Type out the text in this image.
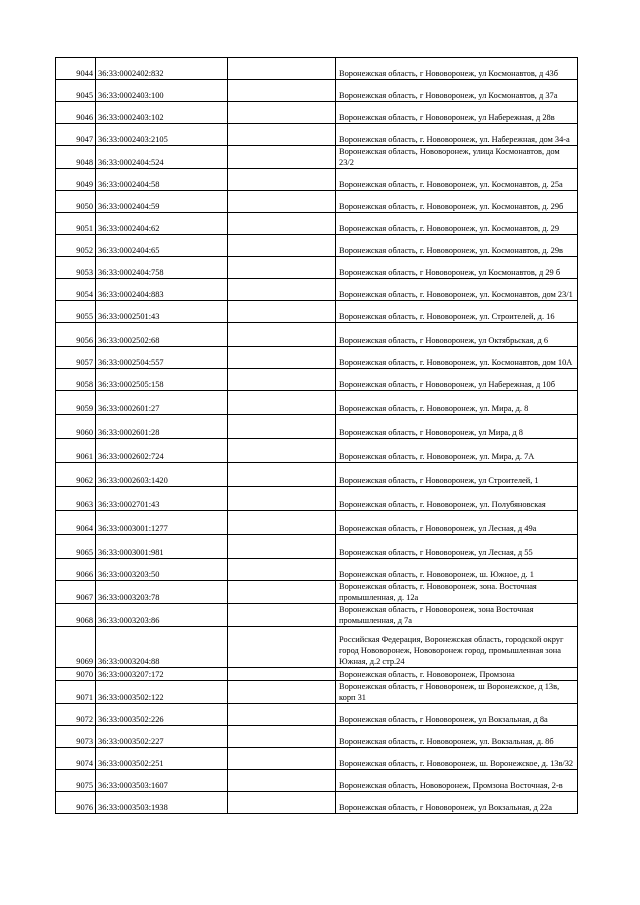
9044	36:33:0002402:832		Воронежская область, г Нововоронеж, ул Космонавтов, д 43б
9045	36:33:0002403:100		Воронежская область, г Нововоронеж, ул Космонавтов, д 37а
9046	36:33:0002403:102		Воронежская область, г Нововоронеж, ул Набережная, д 28в
9047	36:33:0002403:2105		Воронежская область, г. Нововоронеж, ул. Набережная, дом 34-а
9048	36:33:0002404:524		Воронежская область, Нововоронеж, улица Космонавтов, дом 23/2
9049	36:33:0002404:58		Воронежская область, г. Нововоронеж, ул. Космонавтов, д. 25а
9050	36:33:0002404:59		Воронежская область, г. Нововоронеж, ул. Космонавтов, д. 29б
9051	36:33:0002404:62		Воронежская область, г. Нововоронеж, ул. Космонавтов, д. 29
9052	36:33:0002404:65		Воронежская область, г. Нововоронеж, ул. Космонавтов, д. 29в
9053	36:33:0002404:758		Воронежская область, г Нововоронеж, ул Космонавтов, д 29 б
9054	36:33:0002404:883		Воронежская область, г. Нововоронеж, ул. Космонавтов, дом 23/1
9055	36:33:0002501:43		Воронежская область, г. Нововоронеж, ул. Строителей, д. 16
9056	36:33:0002502:68		Воронежская область, г Нововоронеж, ул Октябрьская, д 6
9057	36:33:0002504:557		Воронежская область, г. Нововоронеж, ул. Космонавтов, дом 10А
9058	36:33:0002505:158		Воронежская область, г Нововоронеж, ул Набережная, д 10б
9059	36:33:0002601:27		Воронежская область, г. Нововоронеж, ул. Мира, д. 8
9060	36:33:0002601:28		Воронежская область, г Нововоронеж, ул Мира, д 8
9061	36:33:0002602:724		Воронежская область, г. Нововоронеж, ул. Мира, д. 7А
9062	36:33:0002603:1420		Воронежская область, г Нововоронеж, ул Строителей, 1
9063	36:33:0002701:43		Воронежская область, г. Нововоронеж, ул. Полубяновская
9064	36:33:0003001:1277		Воронежская область, г Нововоронеж, ул Лесная, д 49а
9065	36:33:0003001:981		Воронежская область, г Нововоронеж, ул Лесная, д 55
9066	36:33:0003203:50		Воронежская область, г. Нововоронеж, ш. Южное, д. 1
9067	36:33:0003203:78		Воронежская область, г. Нововоронеж, зона. Восточная промышленная, д. 12а
9068	36:33:0003203:86		Воронежская область, г Нововоронеж, зона Восточная промышленная, д 7а
9069	36:33:0003204:88		Российская Федерация, Воронежская область, городской округ город Нововоронеж, Нововоронеж город, промышленная зона Южная, д.2 стр.24
9070	36:33:0003207:172		Воронежская область, г. Нововоронеж, Промзона
9071	36:33:0003502:122		Воронежская область, г Нововоронеж, ш Воронежское, д 13в, корп 31
9072	36:33:0003502:226		Воронежская область, г Нововоронеж, ул Вокзальная, д 8а
9073	36:33:0003502:227		Воронежская область, г. Нововоронеж, ул. Вокзальная, д. 8б
9074	36:33:0003502:251		Воронежская область, г. Нововоронеж, ш. Воронежское, д. 13в/32
9075	36:33:0003503:1607		Воронежская область, Нововоронеж, Промзона Восточная, 2-в
9076	36:33:0003503:1938		Воронежская область, г Нововоронеж, ул Вокзальная, д 22а
